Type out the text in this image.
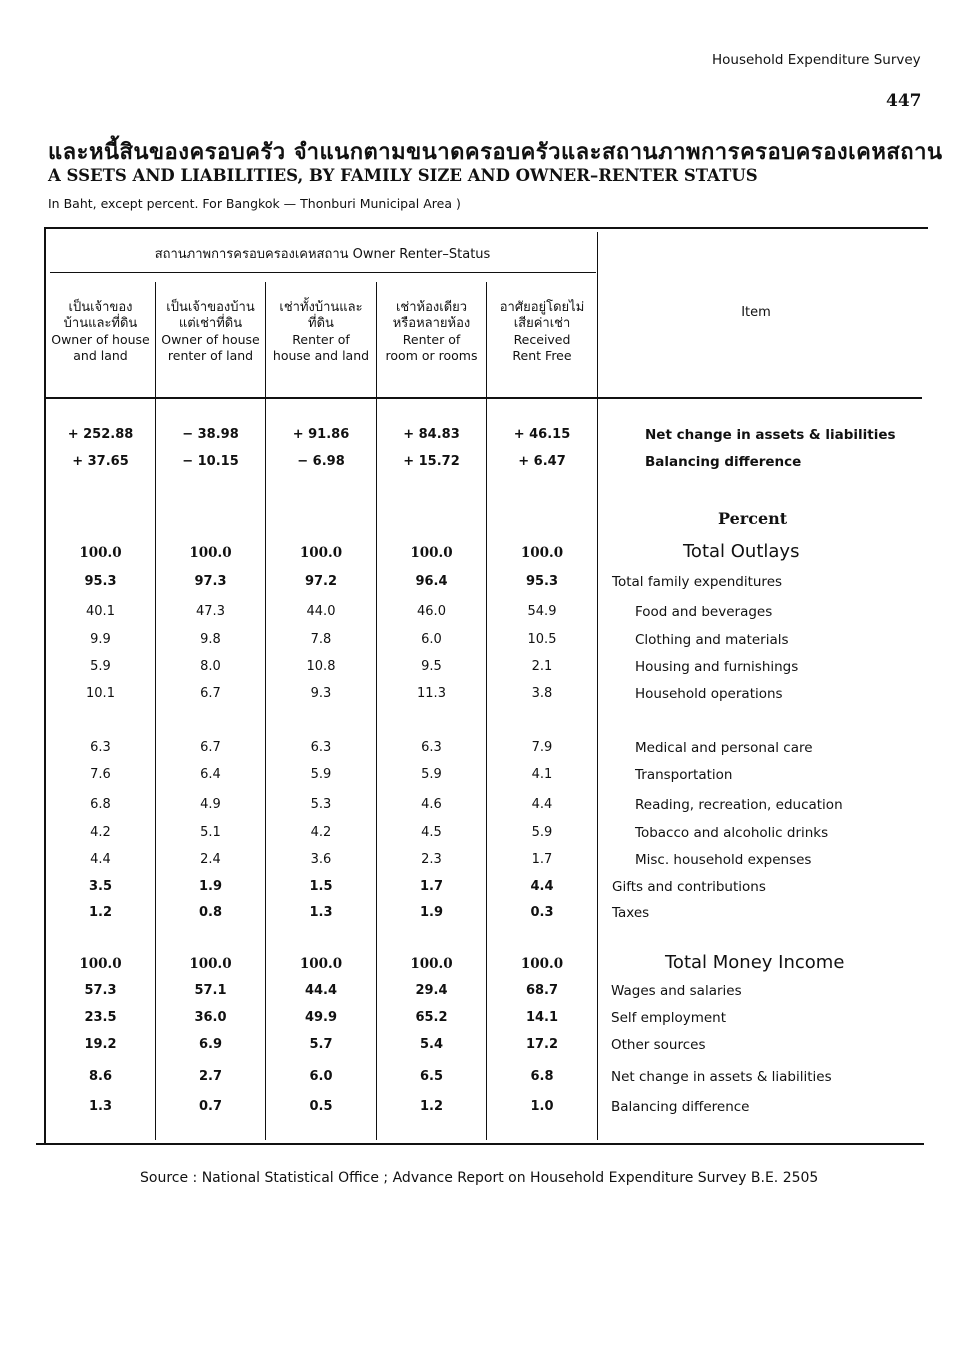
Household Expenditure Survey
447
และหนี้สินของครอบครัว จำแนกตามขนาดครอบครัวและสถานภาพการครอบครองเคหสถาน
A SSETS AND LIABILITIES, BY FAMILY SIZE AND OWNER–RENTER STATUS
In Baht, except percent. For Bangkok — Thonburi Municipal Area )
สถานภาพการครอบครองเคหสถาน Owner Renter–Status
Item
เป็นเจ้าของ
บ้านและที่ดิน
Owner of house
and land
เป็นเจ้าของบ้าน
แต่เช่าที่ดิน
Owner of house
renter of land
เช่าทั้งบ้านและ
ที่ดิน
Renter of
house and land
เช่าห้องเดียว
หรือหลายห้อง
Renter of
room or rooms
อาศัยอยู่โดยไม่
เสียค่าเช่า
Received
Rent Free
+ 252.88	− 38.98	+ 91.86	+ 84.83	+ 46.15	Net change in assets & liabilities
+ 37.65	− 10.15	− 6.98	+ 15.72	+ 6.47	Balancing difference
Percent
100.0	100.0	100.0	100.0	100.0	Total Outlays
95.3	97.3	97.2	96.4	95.3	Total family expenditures
40.1	47.3	44.0	46.0	54.9	Food and beverages
9.9	9.8	7.8	6.0	10.5	Clothing and materials
5.9	8.0	10.8	9.5	2.1	Housing and furnishings
10.1	6.7	9.3	11.3	3.8	Household operations
6.3	6.7	6.3	6.3	7.9	Medical and personal care
7.6	6.4	5.9	5.9	4.1	Transportation
6.8	4.9	5.3	4.6	4.4	Reading, recreation, education
4.2	5.1	4.2	4.5	5.9	Tobacco and alcoholic drinks
4.4	2.4	3.6	2.3	1.7	Misc. household expenses
3.5	1.9	1.5	1.7	4.4	Gifts and contributions
1.2	0.8	1.3	1.9	0.3	Taxes
100.0	100.0	100.0	100.0	100.0	Total Money Income
57.3	57.1	44.4	29.4	68.7	Wages and salaries
23.5	36.0	49.9	65.2	14.1	Self employment
19.2	6.9	5.7	5.4	17.2	Other sources
8.6	2.7	6.0	6.5	6.8	Net change in assets & liabilities
1.3	0.7	0.5	1.2	1.0	Balancing difference
Source : National Statistical Office ; Advance Report on Household Expenditure Survey B.E. 2505
